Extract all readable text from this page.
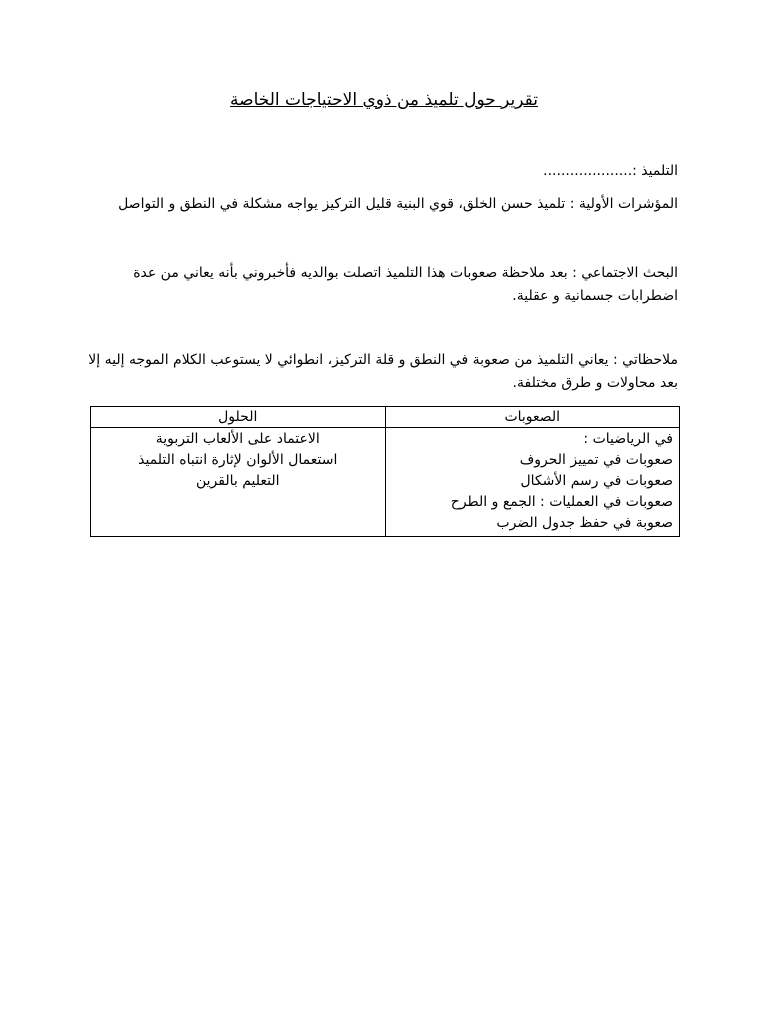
تقرير حول تلميذ من ذوي الاحتياجات الخاصة
التلميذ :....................
المؤشرات الأولية : تلميذ حسن الخلق، قوي البنية قليل التركيز يواجه مشكلة في النطق و التواصل
البحث الاجتماعي : بعد ملاحظة صعوبات هذا التلميذ اتصلت بوالديه فأخبروني بأنه يعاني من عدة اضطرابات جسمانية و عقلية.
ملاحظاتي : يعاني التلميذ من صعوبة في النطق و قلة التركيز، انطوائي لا يستوعب الكلام الموجه إليه إلا بعد محاولات و طرق مختلفة.
الصعوبات	الحلول

في الرياضيات :
صعوبات في تمييز الحروف
صعوبات في رسم الأشكال
صعوبات في العمليات : الجمع و الطرح
صعوبة في حفظ جدول الضرب	الاعتماد على الألعاب التربوية
استعمال الألوان لإثارة انتباه التلميذ
التعليم بالقرين
